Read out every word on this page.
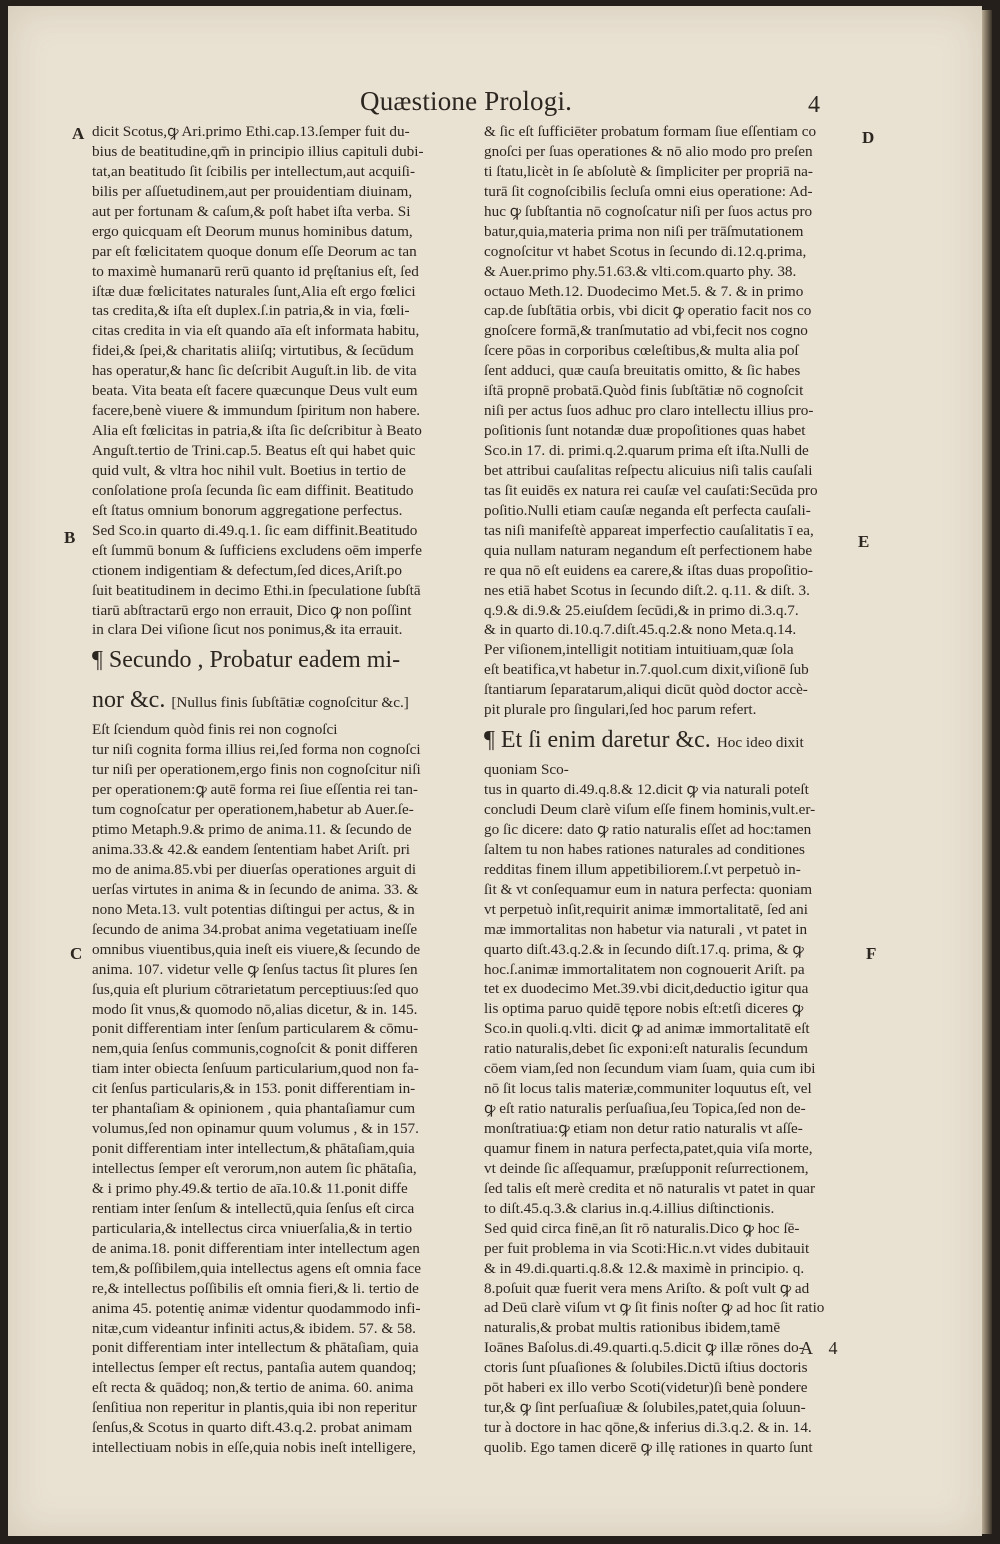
Quæstione Prologi.	4
A
B
C
D
E
F
dicit Scotus,ꝙ Ari.primo Ethi.cap.13.ſemper fuit du-
bius de beatitudine,qm̄ in principio illius capituli dubi-
tat,an beatitudo ſit ſcibilis per intellectum,aut acquiſi-
bilis per aſſuetudinem,aut per prouidentiam diuinam,
aut per fortunam & caſum,& poſt habet iſta verba. Si
ergo quicquam eſt Deorum munus hominibus datum,
par eſt fœlicitatem quoque donum eſſe Deorum ac tan
to maximè humanarū rerū quanto id pręſtanius eſt, ſed
iſtæ duæ fœlicitates naturales ſunt,Alia eſt ergo fœlici
tas credita,& iſta eſt duplex.ſ.in patria,& in via, fœli-
citas credita in via eſt quando aīa eſt informata habitu,
fidei,& ſpei,& charitatis aliiſq; virtutibus, & ſecūdum
has operatur,& hanc ſic deſcribit Auguſt.in lib. de vita
beata. Vita beata eſt facere quæcunque Deus vult eum
facere,benè viuere & immundum ſpiritum non habere.
Alia eſt fœlicitas in patria,& iſta ſic deſcribitur à Beato
Anguſt.tertio de Trini.cap.5. Beatus eſt qui habet quic
quid vult, & vltra hoc nihil vult. Boetius in tertio de
conſolatione proſa ſecunda ſic eam diffinit. Beatitudo
eſt ſtatus omnium bonorum aggregatione perfectus.
Sed Sco.in quarto di.49.q.1. ſic eam diffinit.Beatitudo
eſt ſummū bonum & ſufficiens excludens oēm imperfe
ctionem indigentiam & defectum,ſed dices,Ariſt.po
ſuit beatitudinem in decimo Ethi.in ſpeculatione ſubſtā
tiarū abſtractarū ergo non errauit, Dico ꝙ non poſſint
in clara Dei viſione ſicut nos ponimus,& ita errauit.
¶ Secundo , Probatur eadem mi-
nor &c. [Nullus finis ſubſtātiæ cognoſcitur &c.]
Eſt ſciendum quòd finis rei non cognoſci
tur niſi cognita forma illius rei,ſed forma non cognoſci
tur niſi per operationem,ergo finis non cognoſcitur niſi
per operationem:ꝙ autē forma rei ſiue eſſentia rei tan-
tum cognoſcatur per operationem,habetur ab Auer.ſe-
ptimo Metaph.9.& primo de anima.11. & ſecundo de
anima.33.& 42.& eandem ſententiam habet Ariſt. pri
mo de anima.85.vbi per diuerſas operationes arguit di
uerſas virtutes in anima & in ſecundo de anima. 33. &
nono Meta.13. vult potentias diſtingui per actus, & in
ſecundo de anima 34.probat anima vegetatiuam ineſſe
omnibus viuentibus,quia ineſt eis viuere,& ſecundo de
anima. 107. videtur velle ꝙ ſenſus tactus ſit plures ſen
ſus,quia eſt plurium cōtrarietatum perceptiuus:ſed quo
modo ſit vnus,& quomodo nō,alias dicetur, & in. 145.
ponit differentiam inter ſenſum particularem & cōmu-
nem,quia ſenſus communis,cognoſcit & ponit differen
tiam inter obiecta ſenſuum particularium,quod non fa-
cit ſenſus particularis,& in 153. ponit differentiam in-
ter phantaſiam & opinionem , quia phantaſiamur cum
volumus,ſed non opinamur quum volumus , & in 157.
ponit differentiam inter intellectum,& phātaſiam,quia
intellectus ſemper eſt verorum,non autem ſic phātaſia,
& i primo phy.49.& tertio de aīa.10.& 11.ponit diffe
rentiam inter ſenſum & intellectū,quia ſenſus eſt circa
particularia,& intellectus circa vniuerſalia,& in tertio
de anima.18. ponit differentiam inter intellectum agen
tem,& poſſibilem,quia intellectus agens eſt omnia face
re,& intellectus poſſibilis eſt omnia fieri,& li. tertio de
anima 45. potentię animæ videntur quodammodo infi-
nitæ,cum videantur infiniti actus,& ibidem. 57. & 58.
ponit differentiam inter intellectum & phātaſiam, quia
intellectus ſemper eſt rectus, pantaſia autem quandoq;
eſt recta & quādoq; non,& tertio de anima. 60. anima
ſenſitiua non reperitur in plantis,quia ibi non reperitur
ſenſus,& Scotus in quarto dift.43.q.2. probat animam
intellectiuam nobis in eſſe,quia nobis ineſt intelligere,
& ſic eſt ſufficiēter probatum formam ſiue eſſentiam co
gnoſci per ſuas operationes & nō alio modo pro preſen
ti ſtatu,licèt in ſe abſolutè & ſimpliciter per propriā na-
turā ſit cognoſcibilis ſecluſa omni eius operatione: Ad-
huc ꝙ ſubſtantia nō cognoſcatur niſi per ſuos actus pro
batur,quia,materia prima non niſi per trāſmutationem
cognoſcitur vt habet Scotus in ſecundo di.12.q.prima,
& Auer.primo phy.51.63.& vlti.com.quarto phy. 38.
octauo Meth.12. Duodecimo Met.5. & 7. & in primo
cap.de ſubſtātia orbis, vbi dicit ꝙ operatio facit nos co
gnoſcere formā,& tranſmutatio ad vbi,fecit nos cogno
ſcere pōas in corporibus cœleſtibus,& multa alia poſ
ſent adduci, quæ cauſa breuitatis omitto, & ſic habes
iſtā propnē probatā.Quòd finis ſubſtātiæ nō cognoſcit
niſi per actus ſuos adhuc pro claro intellectu illius pro-
poſitionis ſunt notandæ duæ propoſitiones quas habet
Sco.in 17. di. primi.q.2.quarum prima eſt iſta.Nulli de
bet attribui cauſalitas reſpectu alicuius niſi talis cauſali
tas ſit euidēs ex natura rei cauſæ vel cauſati:Secūda pro
poſitio.Nulli etiam cauſæ neganda eſt perfecta cauſali-
tas niſi manifeſtè appareat imperfectio cauſalitatis ī ea,
quia nullam naturam negandum eſt perfectionem habe
re qua nō eſt euidens ea carere,& iſtas duas propoſitio-
nes etiā habet Scotus in ſecundo diſt.2. q.11. & diſt. 3.
q.9.& di.9.& 25.eiuſdem ſecūdi,& in primo di.3.q.7.
& in quarto di.10.q.7.diſt.45.q.2.& nono Meta.q.14.
Per viſionem,intelligit notitiam intuitiuam,quæ ſola
eſt beatifica,vt habetur in.7.quol.cum dixit,viſionē ſub
ſtantiarum ſeparatarum,aliqui dicūt quòd doctor accè-
pit plurale pro ſingulari,ſed hoc parum refert.
¶ Et ſi enim daretur &c. Hoc ideo dixit
quoniam Sco-
tus in quarto di.49.q.8.& 12.dicit ꝙ via naturali poteſt
concludi Deum clarè viſum eſſe finem hominis,vult.er-
go ſic dicere: dato ꝙ ratio naturalis eſſet ad hoc:tamen
ſaltem tu non habes rationes naturales ad conditiones
redditas finem illum appetibiliorem.ſ.vt perpetuò in-
ſit & vt conſequamur eum in natura perfecta: quoniam
vt perpetuò inſit,requirit animæ immortalitatē, ſed ani
mæ immortalitas non habetur via naturali , vt patet in
quarto diſt.43.q.2.& in ſecundo diſt.17.q. prima, & ꝙ
hoc.ſ.animæ immortalitatem non cognouerit Ariſt. pa
tet ex duodecimo Met.39.vbi dicit,deductio igitur qua
lis optima paruo quidē tępore nobis eſt:etſi diceres ꝙ
Sco.in quoli.q.vlti. dicit ꝙ ad animæ immortalitatē eſt
ratio naturalis,debet ſic exponi:eſt naturalis ſecundum
cōem viam,ſed non ſecundum viam ſuam, quia cum ibi
nō ſit locus talis materiæ,communiter loquutus eſt, vel
ꝙ eſt ratio naturalis perſuaſiua,ſeu Topica,ſed non de-
monſtratiua:ꝙ etiam non detur ratio naturalis vt aſſe-
quamur finem in natura perfecta,patet,quia viſa morte,
vt deinde ſic aſſequamur, præſupponit reſurrectionem,
ſed talis eſt merè credita et nō naturalis vt patet in quar
to diſt.45.q.3.& clarius in.q.4.illius diſtinctionis.
Sed quid circa finē,an ſit rō naturalis.Dico ꝙ hoc ſē-
per fuit problema in via Scoti:Hic.n.vt vides dubitauit
& in 49.di.quarti.q.8.& 12.& maximè in principio. q.
8.poſuit quæ fuerit vera mens Ariſto. & poſt vult ꝙ ad
ad Deū clarè viſum vt ꝙ ſit finis noſter ꝙ ad hoc ſit ratio
naturalis,& probat multis rationibus ibidem,tamē
Ioānes Baſolus.di.49.quarti.q.5.dicit ꝙ illæ rōnes do-
ctoris ſunt pſuaſiones & ſolubiles.Dictū iſtius doctoris
pōt haberi ex illo verbo Scoti(videtur)ſi benè pondere
tur,& ꝙ ſint perſuaſiuæ & ſolubiles,patet,quia ſoluun-
tur à doctore in hac qōne,& inferius di.3.q.2. & in. 14.
quolib. Ego tamen dicerē ꝙ illę rationes in quarto ſunt
A 4
